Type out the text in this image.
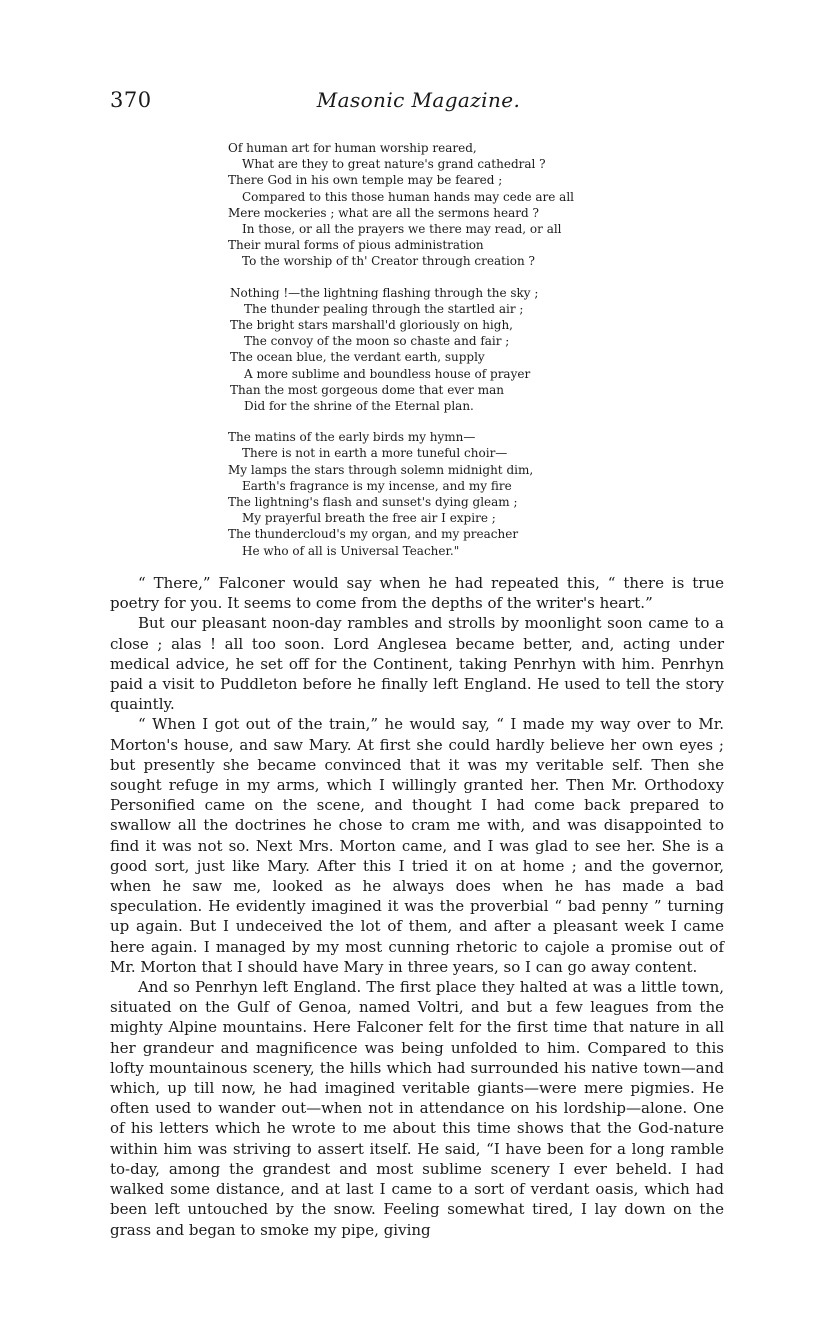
370	Masonic Magazine.
Of human art for human worship reared,
What are they to great nature's grand cathedral ?
There God in his own temple may be feared ;
Compared to this those human hands may cede are all
Mere mockeries ; what are all the sermons heard ?
In those, or all the prayers we there may read, or all
Their mural forms of pious administration
To the worship of th' Creator through creation ?
Nothing !—the lightning flashing through the sky ;
The thunder pealing through the startled air ;
The bright stars marshall'd gloriously on high,
The convoy of the moon so chaste and fair ;
The ocean blue, the verdant earth, supply
A more sublime and boundless house of prayer
Than the most gorgeous dome that ever man
Did for the shrine of the Eternal plan.
The matins of the early birds my hymn—
There is not in earth a more tuneful choir—
My lamps the stars through solemn midnight dim,
Earth's fragrance is my incense, and my fire
The lightning's flash and sunset's dying gleam ;
My prayerful breath the free air I expire ;
The thundercloud's my organ, and my preacher
He who of all is Universal Teacher."

“ There,” Falconer would say when he had repeated this, “ there is true poetry for you. It seems to come from the depths of the writer's heart.”

But our pleasant noon-day rambles and strolls by moonlight soon came to a close ; alas ! all too soon. Lord Anglesea became better, and, acting under medical advice, he set off for the Continent, taking Penrhyn with him. Penrhyn paid a visit to Puddleton before he finally left England. He used to tell the story quaintly.

“ When I got out of the train,” he would say, “ I made my way over to Mr. Morton's house, and saw Mary. At first she could hardly believe her own eyes ; but presently she became convinced that it was my veritable self. Then she sought refuge in my arms, which I willingly granted her. Then Mr. Orthodoxy Personified came on the scene, and thought I had come back prepared to swallow all the doctrines he chose to cram me with, and was disappointed to find it was not so. Next Mrs. Morton came, and I was glad to see her. She is a good sort, just like Mary. After this I tried it on at home ; and the governor, when he saw me, looked as he always does when he has made a bad speculation. He evidently imagined it was the proverbial “ bad penny ” turning up again. But I undeceived the lot of them, and after a pleasant week I came here again. I managed by my most cunning rhetoric to cajole a promise out of Mr. Morton that I should have Mary in three years, so I can go away content.

And so Penrhyn left England. The first place they halted at was a little town, situated on the Gulf of Genoa, named Voltri, and but a few leagues from the mighty Alpine mountains. Here Falconer felt for the first time that nature in all her grandeur and magnificence was being unfolded to him. Compared to this lofty mountainous scenery, the hills which had surrounded his native town—and which, up till now, he had imagined veritable giants—were mere pigmies. He often used to wander out—when not in attendance on his lordship—alone. One of his letters which he wrote to me about this time shows that the God-nature within him was striving to assert itself. He said, “I have been for a long ramble to-day, among the grandest and most sublime scenery I ever beheld. I had walked some distance, and at last I came to a sort of verdant oasis, which had been left untouched by the snow. Feeling somewhat tired, I lay down on the grass and began to smoke my pipe, giving
